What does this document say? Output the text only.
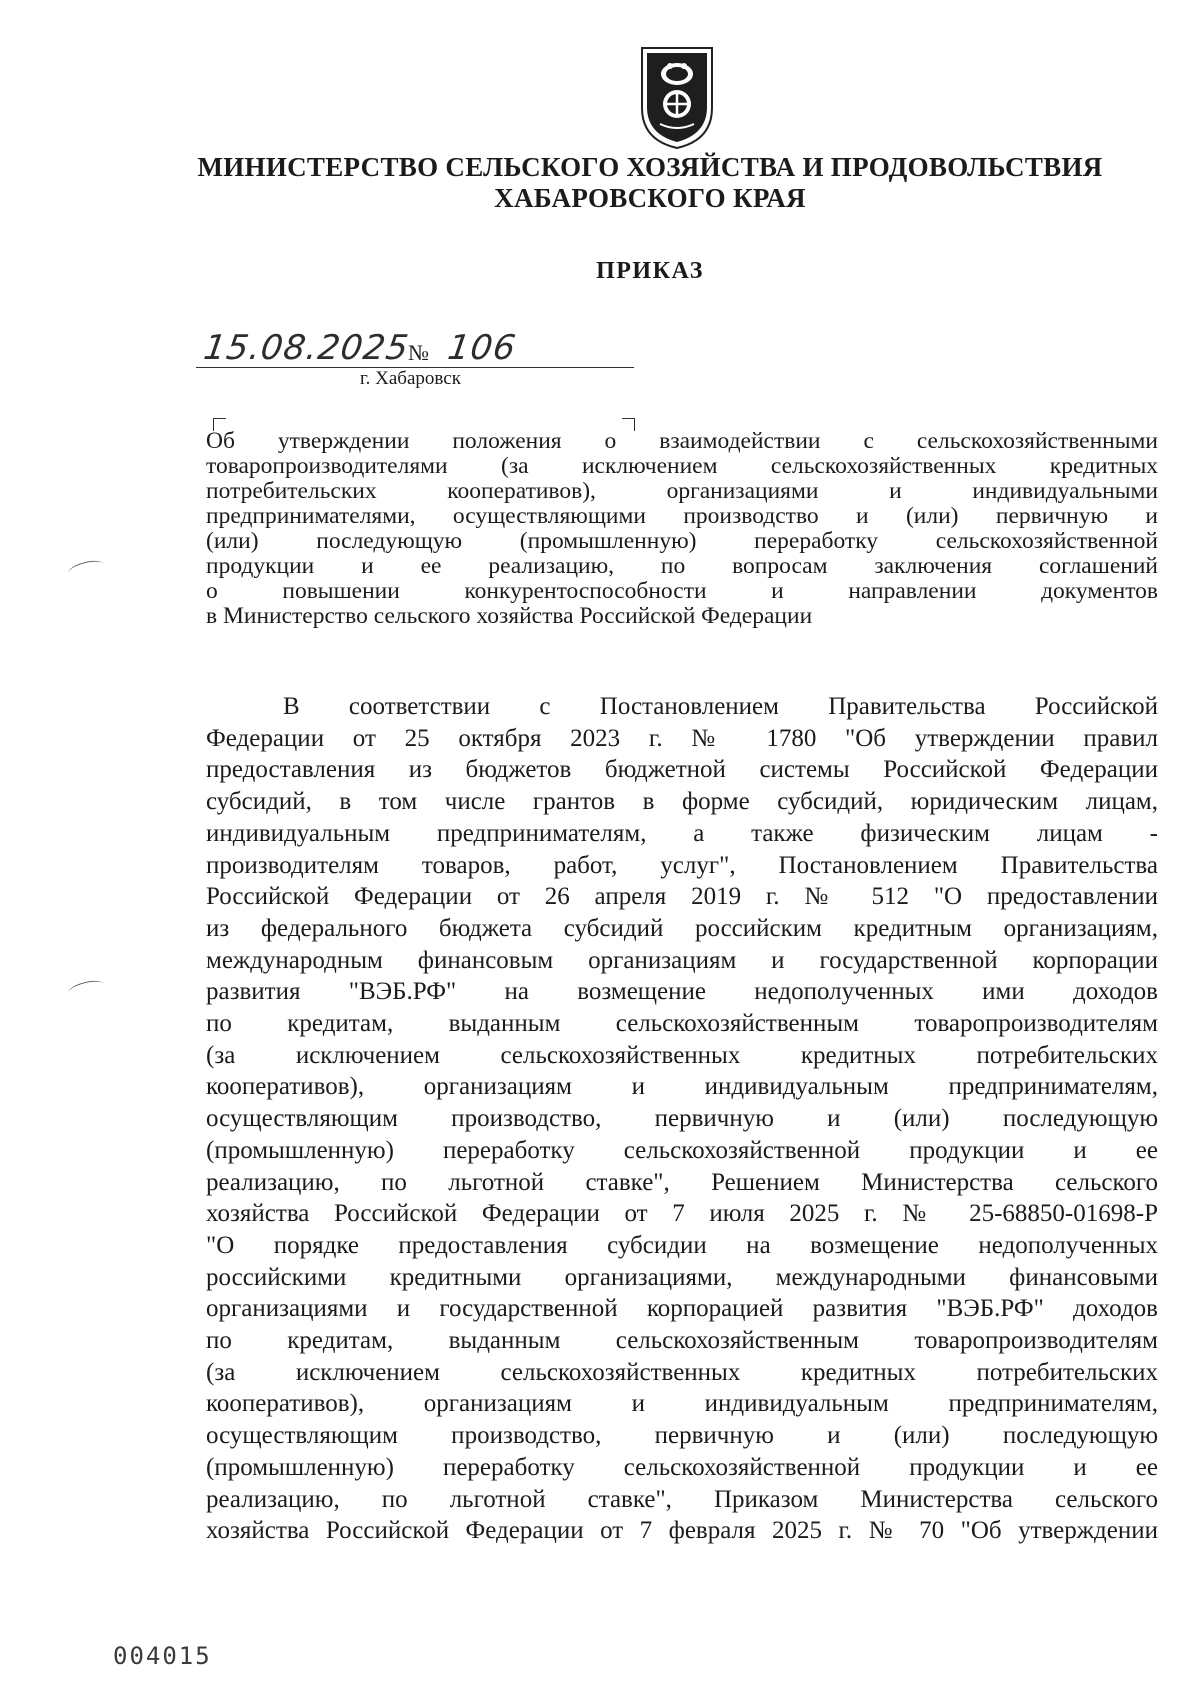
МИНИСТЕРСТВО СЕЛЬСКОГО ХОЗЯЙСТВА И ПРОДОВОЛЬСТВИЯ
ХАБАРОВСКОГО КРАЯ
ПРИКАЗ
15.08.2025
№ 106
г. Хабаровск
Об утверждении положения о взаимодействии с сельскохозяйственными
товаропроизводителями (за исключением сельскохозяйственных кредитных
потребительских кооперативов), организациями и индивидуальными
предпринимателями, осуществляющими производство и (или) первичную и
(или) последующую (промышленную) переработку сельскохозяйственной
продукции и ее реализацию, по вопросам заключения соглашений
о повышении конкурентоспособности и направлении документов
в Министерство сельского хозяйства Российской Федерации
В соответствии с Постановлением Правительства Российской
Федерации от 25 октября 2023 г. № 1780 "Об утверждении правил
предоставления из бюджетов бюджетной системы Российской Федерации
субсидий, в том числе грантов в форме субсидий, юридическим лицам,
индивидуальным предпринимателям, а также физическим лицам -
производителям товаров, работ, услуг", Постановлением Правительства
Российской Федерации от 26 апреля 2019 г. № 512 "О предоставлении
из федерального бюджета субсидий российским кредитным организациям,
международным финансовым организациям и государственной корпорации
развития "ВЭБ.РФ" на возмещение недополученных ими доходов
по кредитам, выданным сельскохозяйственным товаропроизводителям
(за исключением сельскохозяйственных кредитных потребительских
кооперативов), организациям и индивидуальным предпринимателям,
осуществляющим производство, первичную и (или) последующую
(промышленную) переработку сельскохозяйственной продукции и ее
реализацию, по льготной ставке", Решением Министерства сельского
хозяйства Российской Федерации от 7 июля 2025 г. № 25-68850-01698-Р
"О порядке предоставления субсидии на возмещение недополученных
российскими кредитными организациями, международными финансовыми
организациями и государственной корпорацией развития "ВЭБ.РФ" доходов
по кредитам, выданным сельскохозяйственным товаропроизводителям
(за исключением сельскохозяйственных кредитных потребительских
кооперативов), организациям и индивидуальным предпринимателям,
осуществляющим производство, первичную и (или) последующую
(промышленную) переработку сельскохозяйственной продукции и ее
реализацию, по льготной ставке", Приказом Министерства сельского
хозяйства Российской Федерации от 7 февраля 2025 г. № 70 "Об утверждении
004015
